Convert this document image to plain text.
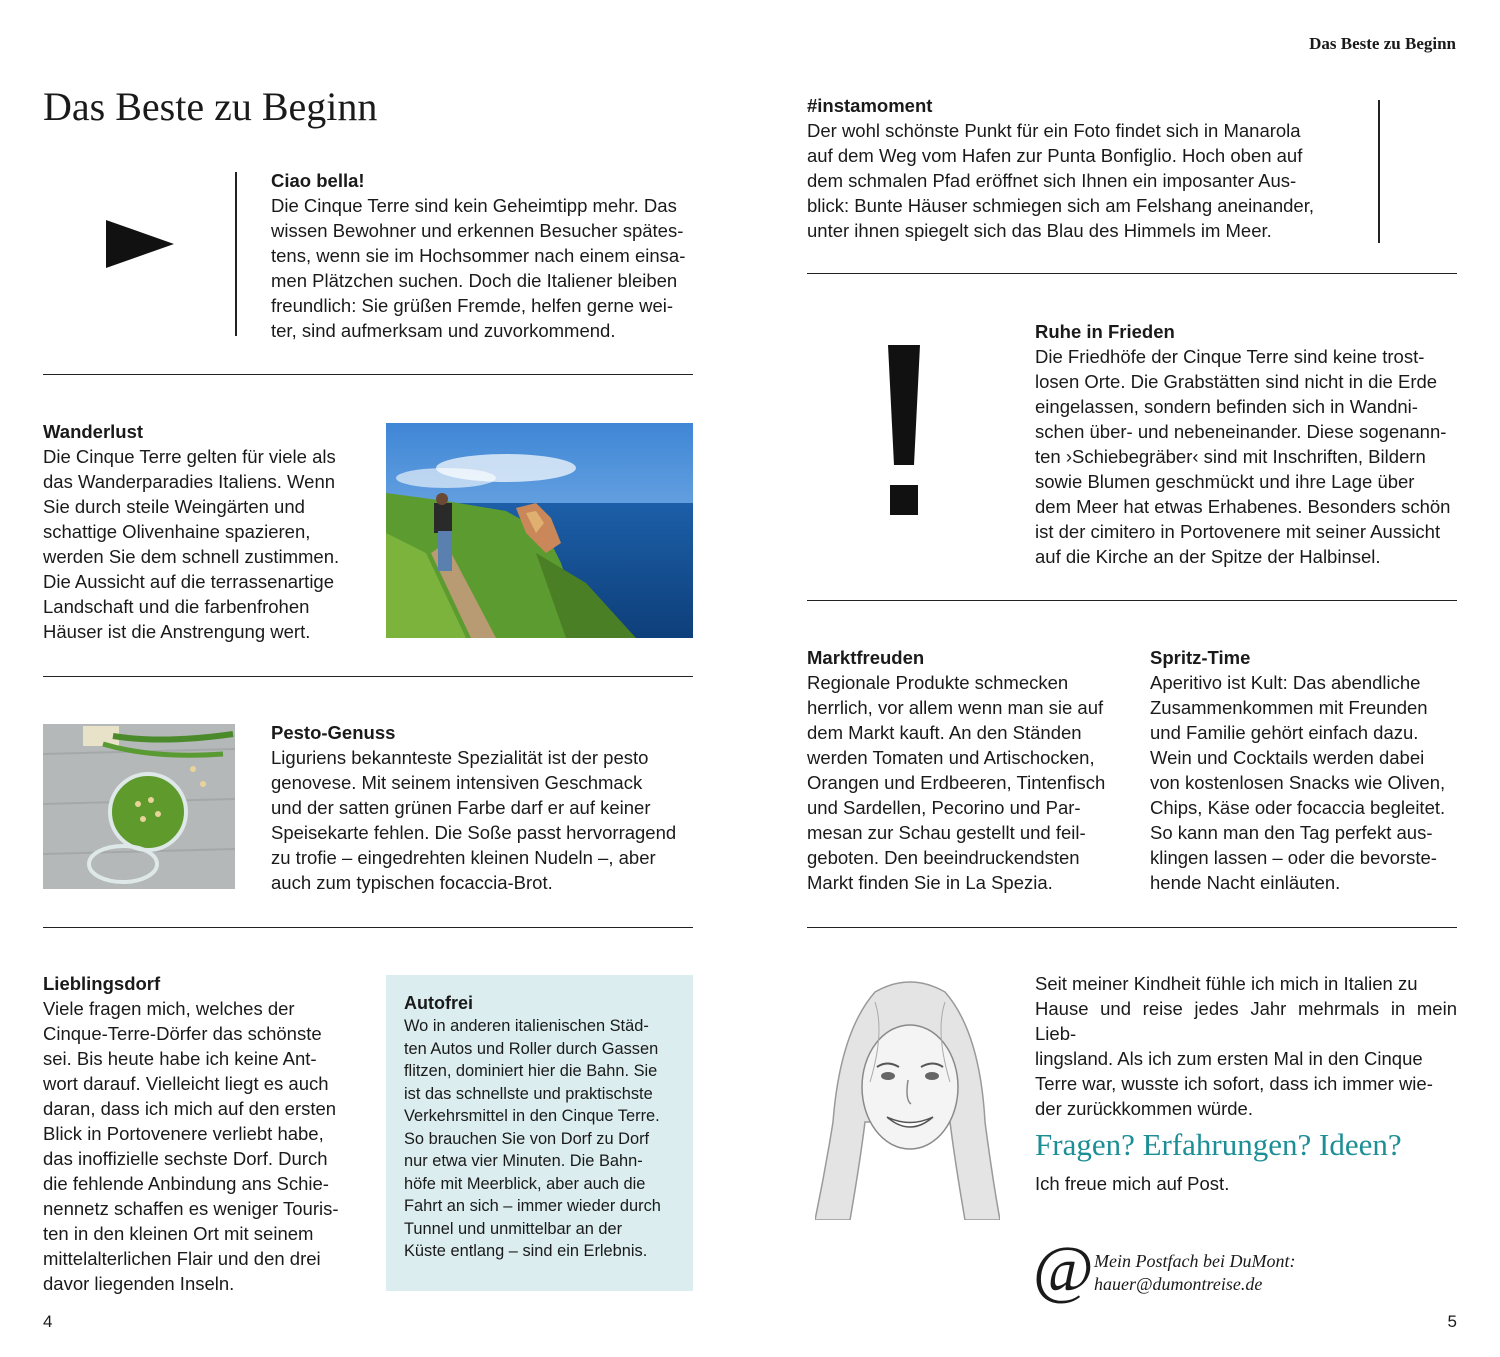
Das Beste zu Beginn
Das Beste zu Beginn
Ciao bella!
Die Cinque Terre sind kein Geheimtipp mehr. Das
wissen Bewohner und erkennen Besucher spätes-
tens, wenn sie im Hochsommer nach einem einsa-
men Plätzchen suchen. Doch die Italiener bleiben
freundlich: Sie grüßen Fremde, helfen gerne wei-
ter, sind aufmerksam und zuvorkommend.
Wanderlust
Die Cinque Terre gelten für viele als
das Wanderparadies Italiens. Wenn
Sie durch steile Weingärten und
schattige Olivenhaine spazieren,
werden Sie dem schnell zustimmen.
Die Aussicht auf die terrassenartige
Landschaft und die farbenfrohen
Häuser ist die Anstrengung wert.
Pesto-Genuss
Liguriens bekannteste Spezialität ist der pesto
genovese. Mit seinem intensiven Geschmack
und der satten grünen Farbe darf er auf keiner
Speisekarte fehlen. Die Soße passt hervorragend
zu trofie – eingedrehten kleinen Nudeln –, aber
auch zum typischen focaccia-Brot.
Lieblingsdorf
Viele fragen mich, welches der
Cinque-Terre-Dörfer das schönste
sei. Bis heute habe ich keine Ant-
wort darauf. Vielleicht liegt es auch
daran, dass ich mich auf den ersten
Blick in Portovenere verliebt habe,
das inoffizielle sechste Dorf. Durch
die fehlende Anbindung ans Schie-
nennetz schaffen es weniger Touris-
ten in den kleinen Ort mit seinem
mittelalterlichen Flair und den drei
davor liegenden Inseln.
Autofrei
Wo in anderen italienischen Städ-
ten Autos und Roller durch Gassen
flitzen, dominiert hier die Bahn. Sie
ist das schnellste und praktischste
Verkehrsmittel in den Cinque Terre.
So brauchen Sie von Dorf zu Dorf
nur etwa vier Minuten. Die Bahn-
höfe mit Meerblick, aber auch die
Fahrt an sich – immer wieder durch
Tunnel und unmittelbar an der
Küste entlang – sind ein Erlebnis.
4
#instamoment
Der wohl schönste Punkt für ein Foto findet sich in Manarola
auf dem Weg vom Hafen zur Punta Bonfiglio. Hoch oben auf
dem schmalen Pfad eröffnet sich Ihnen ein imposanter Aus-
blick: Bunte Häuser schmiegen sich am Felshang aneinander,
unter ihnen spiegelt sich das Blau des Himmels im Meer.
Ruhe in Frieden
Die Friedhöfe der Cinque Terre sind keine trost-
losen Orte. Die Grabstätten sind nicht in die Erde
eingelassen, sondern befinden sich in Wandni-
schen über- und nebeneinander. Diese sogenann-
ten ›Schiebegräber‹ sind mit Inschriften, Bildern
sowie Blumen geschmückt und ihre Lage über
dem Meer hat etwas Erhabenes. Besonders schön
ist der cimitero in Portovenere mit seiner Aussicht
auf die Kirche an der Spitze der Halbinsel.
Marktfreuden
Regionale Produkte schmecken
herrlich, vor allem wenn man sie auf
dem Markt kauft. An den Ständen
werden Tomaten und Artischocken,
Orangen und Erdbeeren, Tintenfisch
und Sardellen, Pecorino und Par-
mesan zur Schau gestellt und feil-
geboten. Den beeindruckendsten
Markt finden Sie in La Spezia.
Spritz-Time
Aperitivo ist Kult: Das abendliche
Zusammenkommen mit Freunden
und Familie gehört einfach dazu.
Wein und Cocktails werden dabei
von kostenlosen Snacks wie Oliven,
Chips, Käse oder focaccia begleitet.
So kann man den Tag perfekt aus-
klingen lassen – oder die bevorste-
hende Nacht einläuten.
Seit meiner Kindheit fühle ich mich in Italien zu
Hause und reise jedes Jahr mehrmals in mein Lieb-
lingsland. Als ich zum ersten Mal in den Cinque
Terre war, wusste ich sofort, dass ich immer wie-
der zurückkommen würde.
Fragen? Erfahrungen? Ideen?
Ich freue mich auf Post.
@ Mein Postfach bei DuMont:
hauer@dumontreise.de
5
